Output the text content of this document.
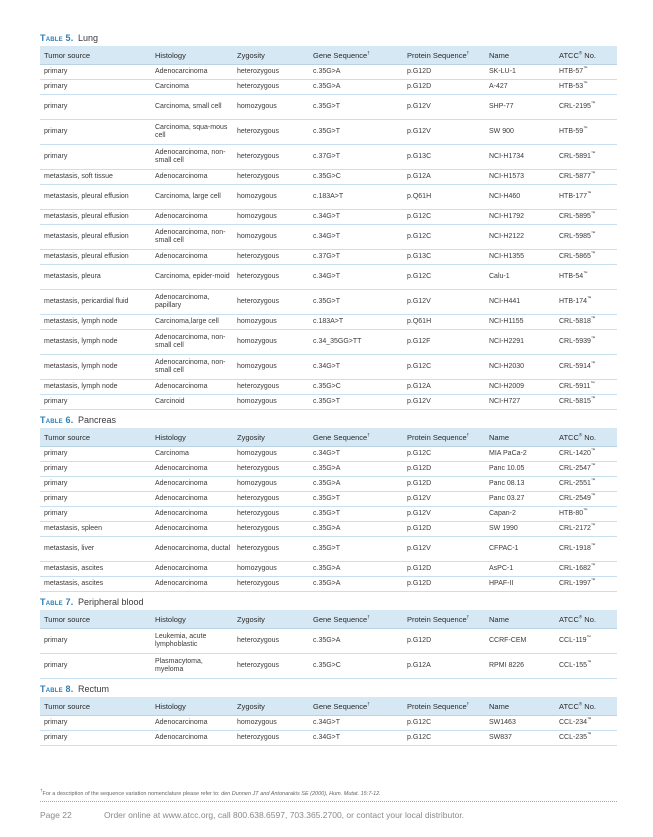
Table 5. Lung
Tumor source	Histology	Zygosity	Gene Sequence†	Protein Sequence†	Name	ATCC® No.
primary	Adenocarcinoma	heterozygous	c.35G>A	p.G12D	SK-LU-1	HTB-57™
primary	Carcinoma	heterozygous	c.35G>A	p.G12D	A-427	HTB-53™
primary	Carcinoma, small cell	homozygous	c.35G>T	p.G12V	SHP-77	CRL-2195™
primary	Carcinoma, squa-mous cell	heterozygous	c.35G>T	p.G12V	SW 900	HTB-59™
primary	Adenocarcinoma, non-small cell	heterozygous	c.37G>T	p.G13C	NCI-H1734	CRL-5891™
metastasis, soft tissue	Adenocarcinoma	heterozygous	c.35G>C	p.G12A	NCI-H1573	CRL-5877™
metastasis, pleural effusion	Carcinoma, large cell	homozygous	c.183A>T	p.Q61H	NCI-H460	HTB-177™
metastasis, pleural effusion	Adenocarcinoma	homozygous	c.34G>T	p.G12C	NCI-H1792	CRL-5895™
metastasis, pleural effusion	Adenocarcinoma, non-small cell	homozygous	c.34G>T	p.G12C	NCI-H2122	CRL-5985™
metastasis, pleural effusion	Adenocarcinoma	heterozygous	c.37G>T	p.G13C	NCI-H1355	CRL-5865™
metastasis, pleura	Carcinoma, epider-moid	heterozygous	c.34G>T	p.G12C	Calu-1	HTB-54™
metastasis, pericardial fluid	Adenocarcinoma, papillary	heterozygous	c.35G>T	p.G12V	NCI-H441	HTB-174™
metastasis, lymph node	Carcinoma,large cell	homozygous	c.183A>T	p.Q61H	NCI-H1155	CRL-5818™
metastasis, lymph node	Adenocarcinoma, non-small cell	homozygous	c.34_35GG>TT	p.G12F	NCI-H2291	CRL-5939™
metastasis, lymph node	Adenocarcinoma, non-small cell	homozygous	c.34G>T	p.G12C	NCI-H2030	CRL-5914™
metastasis, lymph node	Adenocarcinoma	heterozygous	c.35G>C	p.G12A	NCI-H2009	CRL-5911™
primary	Carcinoid	homozygous	c.35G>T	p.G12V	NCI-H727	CRL-5815™
Table 6. Pancreas
Tumor source	Histology	Zygosity	Gene Sequence†	Protein Sequence†	Name	ATCC® No.
primary	Carcinoma	homozygous	c.34G>T	p.G12C	MIA PaCa-2	CRL-1420™
primary	Adenocarcinoma	heterozygous	c.35G>A	p.G12D	Panc 10.05	CRL-2547™
primary	Adenocarcinoma	homozygous	c.35G>A	p.G12D	Panc 08.13	CRL-2551™
primary	Adenocarcinoma	heterozygous	c.35G>T	p.G12V	Panc 03.27	CRL-2549™
primary	Adenocarcinoma	heterozygous	c.35G>T	p.G12V	Capan-2	HTB-80™
metastasis, spleen	Adenocarcinoma	heterozygous	c.35G>A	p.G12D	SW 1990	CRL-2172™
metastasis, liver	Adenocarcinoma, ductal	heterozygous	c.35G>T	p.G12V	CFPAC-1	CRL-1918™
metastasis, ascites	Adenocarcinoma	homozygous	c.35G>A	p.G12D	AsPC-1	CRL-1682™
metastasis, ascites	Adenocarcinoma	heterozygous	c.35G>A	p.G12D	HPAF-II	CRL-1997™
Table 7. Peripheral blood
Tumor source	Histology	Zygosity	Gene Sequence†	Protein Sequence†	Name	ATCC® No.
primary	Leukemia, acute lymphoblastic	heterozygous	c.35G>A	p.G12D	CCRF-CEM	CCL-119™
primary	Plasmacytoma, myeloma	heterozygous	c.35G>C	p.G12A	RPMI 8226	CCL-155™
Table 8. Rectum
Tumor source	Histology	Zygosity	Gene Sequence†	Protein Sequence†	Name	ATCC® No.
primary	Adenocarcinoma	homozygous	c.34G>T	p.G12C	SW1463	CCL-234™
primary	Adenocarcinoma	heterozygous	c.34G>T	p.G12C	SW837	CCL-235™
†For a description of the sequence variation nomenclature please refer to: den Dunnen JT and Antonarakis SE (2000), Hum. Mutat. 15:7-12.
Page 22	Order online at www.atcc.org, call 800.638.6597, 703.365.2700, or contact your local distributor.
